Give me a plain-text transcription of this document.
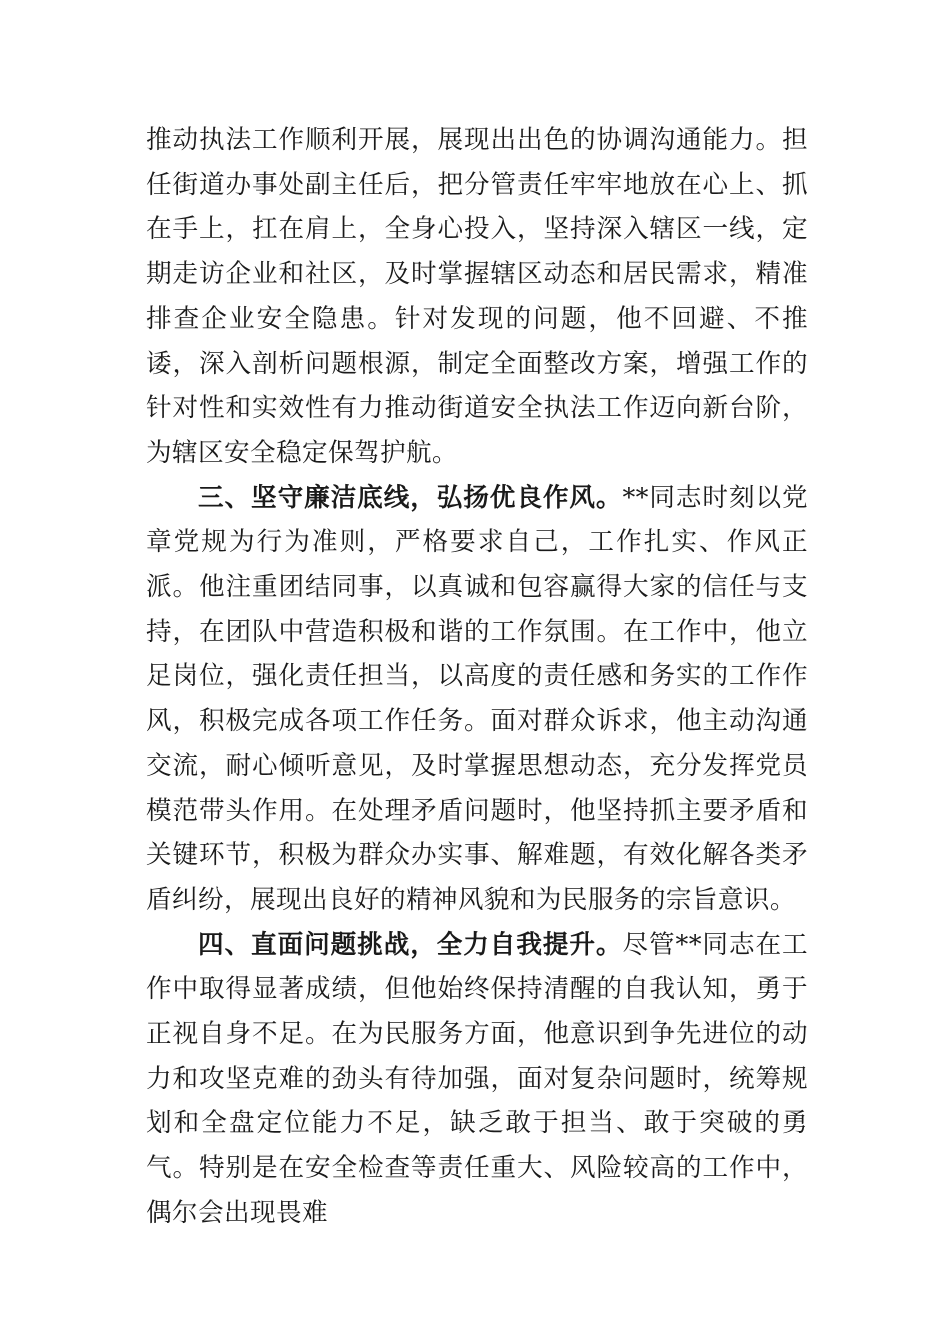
推动执法工作顺利开展，展现出出色的协调沟通能力。担任街道办事处副主任后，把分管责任牢牢地放在心上、抓在手上，扛在肩上，全身心投入，坚持深入辖区一线，定期走访企业和社区，及时掌握辖区动态和居民需求，精准排查企业安全隐患。针对发现的问题，他不回避、不推诿，深入剖析问题根源，制定全面整改方案，增强工作的针对性和实效性有力推动街道安全执法工作迈向新台阶，为辖区安全稳定保驾护航。

三、坚守廉洁底线，弘扬优良作风。**同志时刻以党章党规为行为准则，严格要求自己，工作扎实、作风正派。他注重团结同事，以真诚和包容赢得大家的信任与支持，在团队中营造积极和谐的工作氛围。在工作中，他立足岗位，强化责任担当，以高度的责任感和务实的工作作风，积极完成各项工作任务。面对群众诉求，他主动沟通交流，耐心倾听意见，及时掌握思想动态，充分发挥党员模范带头作用。在处理矛盾问题时，他坚持抓主要矛盾和关键环节，积极为群众办实事、解难题，有效化解各类矛盾纠纷，展现出良好的精神风貌和为民服务的宗旨意识。

四、直面问题挑战，全力自我提升。尽管**同志在工作中取得显著成绩，但他始终保持清醒的自我认知，勇于正视自身不足。在为民服务方面，他意识到争先进位的动力和攻坚克难的劲头有待加强，面对复杂问题时，统筹规划和全盘定位能力不足，缺乏敢于担当、敢于突破的勇气。特别是在安全检查等责任重大、风险较高的工作中，偶尔会出现畏难
